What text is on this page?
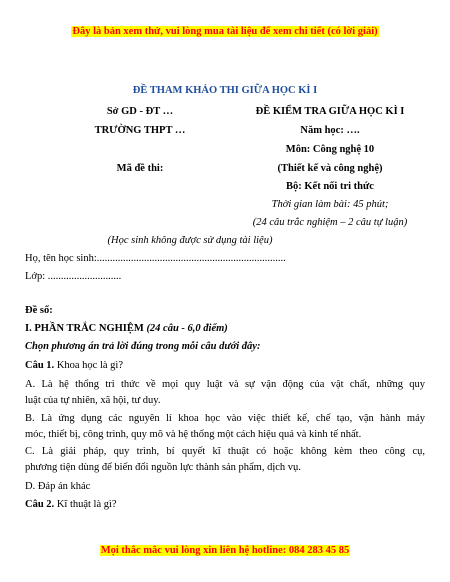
Đây là bản xem thử, vui lòng mua tài liệu để xem chi tiết (có lời giải)
ĐỀ THAM KHẢO THI GIỮA HỌC KÌ I
Sở GD - ĐT …
TRƯỜNG THPT …
Mã đề thi:
ĐỀ KIỂM TRA GIỮA HỌC KÌ I
Năm học: ….
Môn: Công nghệ 10
(Thiết kế và công nghệ)
Bộ: Kết nối tri thức
Thời gian làm bài: 45 phút;
(24 câu trắc nghiệm – 2 câu tự luận)
(Học sinh không được sử dụng tài liệu)
Họ, tên học sinh:........................................................................
Lớp: ............................
Đề số:
I. PHẦN TRẮC NGHIỆM (24 câu - 6,0 điểm)
Chọn phương án trả lời đúng trong mỗi câu dưới đây:
Câu 1. Khoa học là gì?
A. Là hệ thống tri thức về mọi quy luật và sự vận động của vật chất, những quy
luật của tự nhiên, xã hội, tư duy.
B. Là ứng dụng các nguyên lí khoa học vào việc thiết kế, chế tạo, vận hành máy
móc, thiết bị, công trình, quy mô và hệ thống một cách hiệu quả và kinh tế nhất.
C. Là giải pháp, quy trình, bí quyết kĩ thuật có hoặc không kèm theo công cụ,
phương tiện dùng để biến đổi nguồn lực thành sản phẩm, dịch vụ.
D. Đáp án khác
Câu 2. Kĩ thuật là gì?
Mọi thắc mắc vui lòng xin liên hệ hotline: 084 283 45 85
